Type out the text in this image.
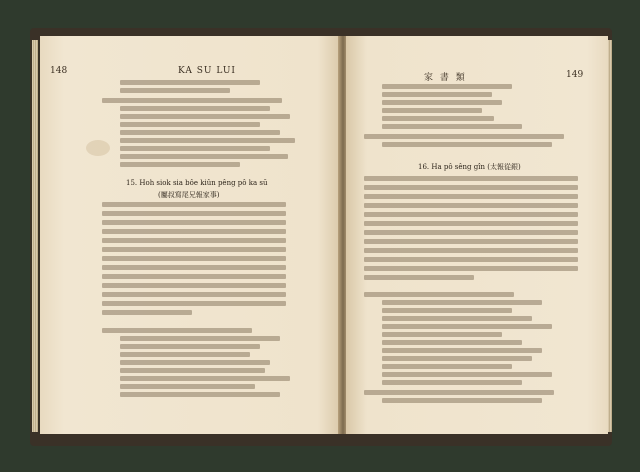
148	KA SU LUI
15. Hoh siok sia bôe kiûn pêng pô ka sū
(屬叔寫尾兄報家事)
家 書 類	149
16. Ha pô sêng gîn (太報從銀)
